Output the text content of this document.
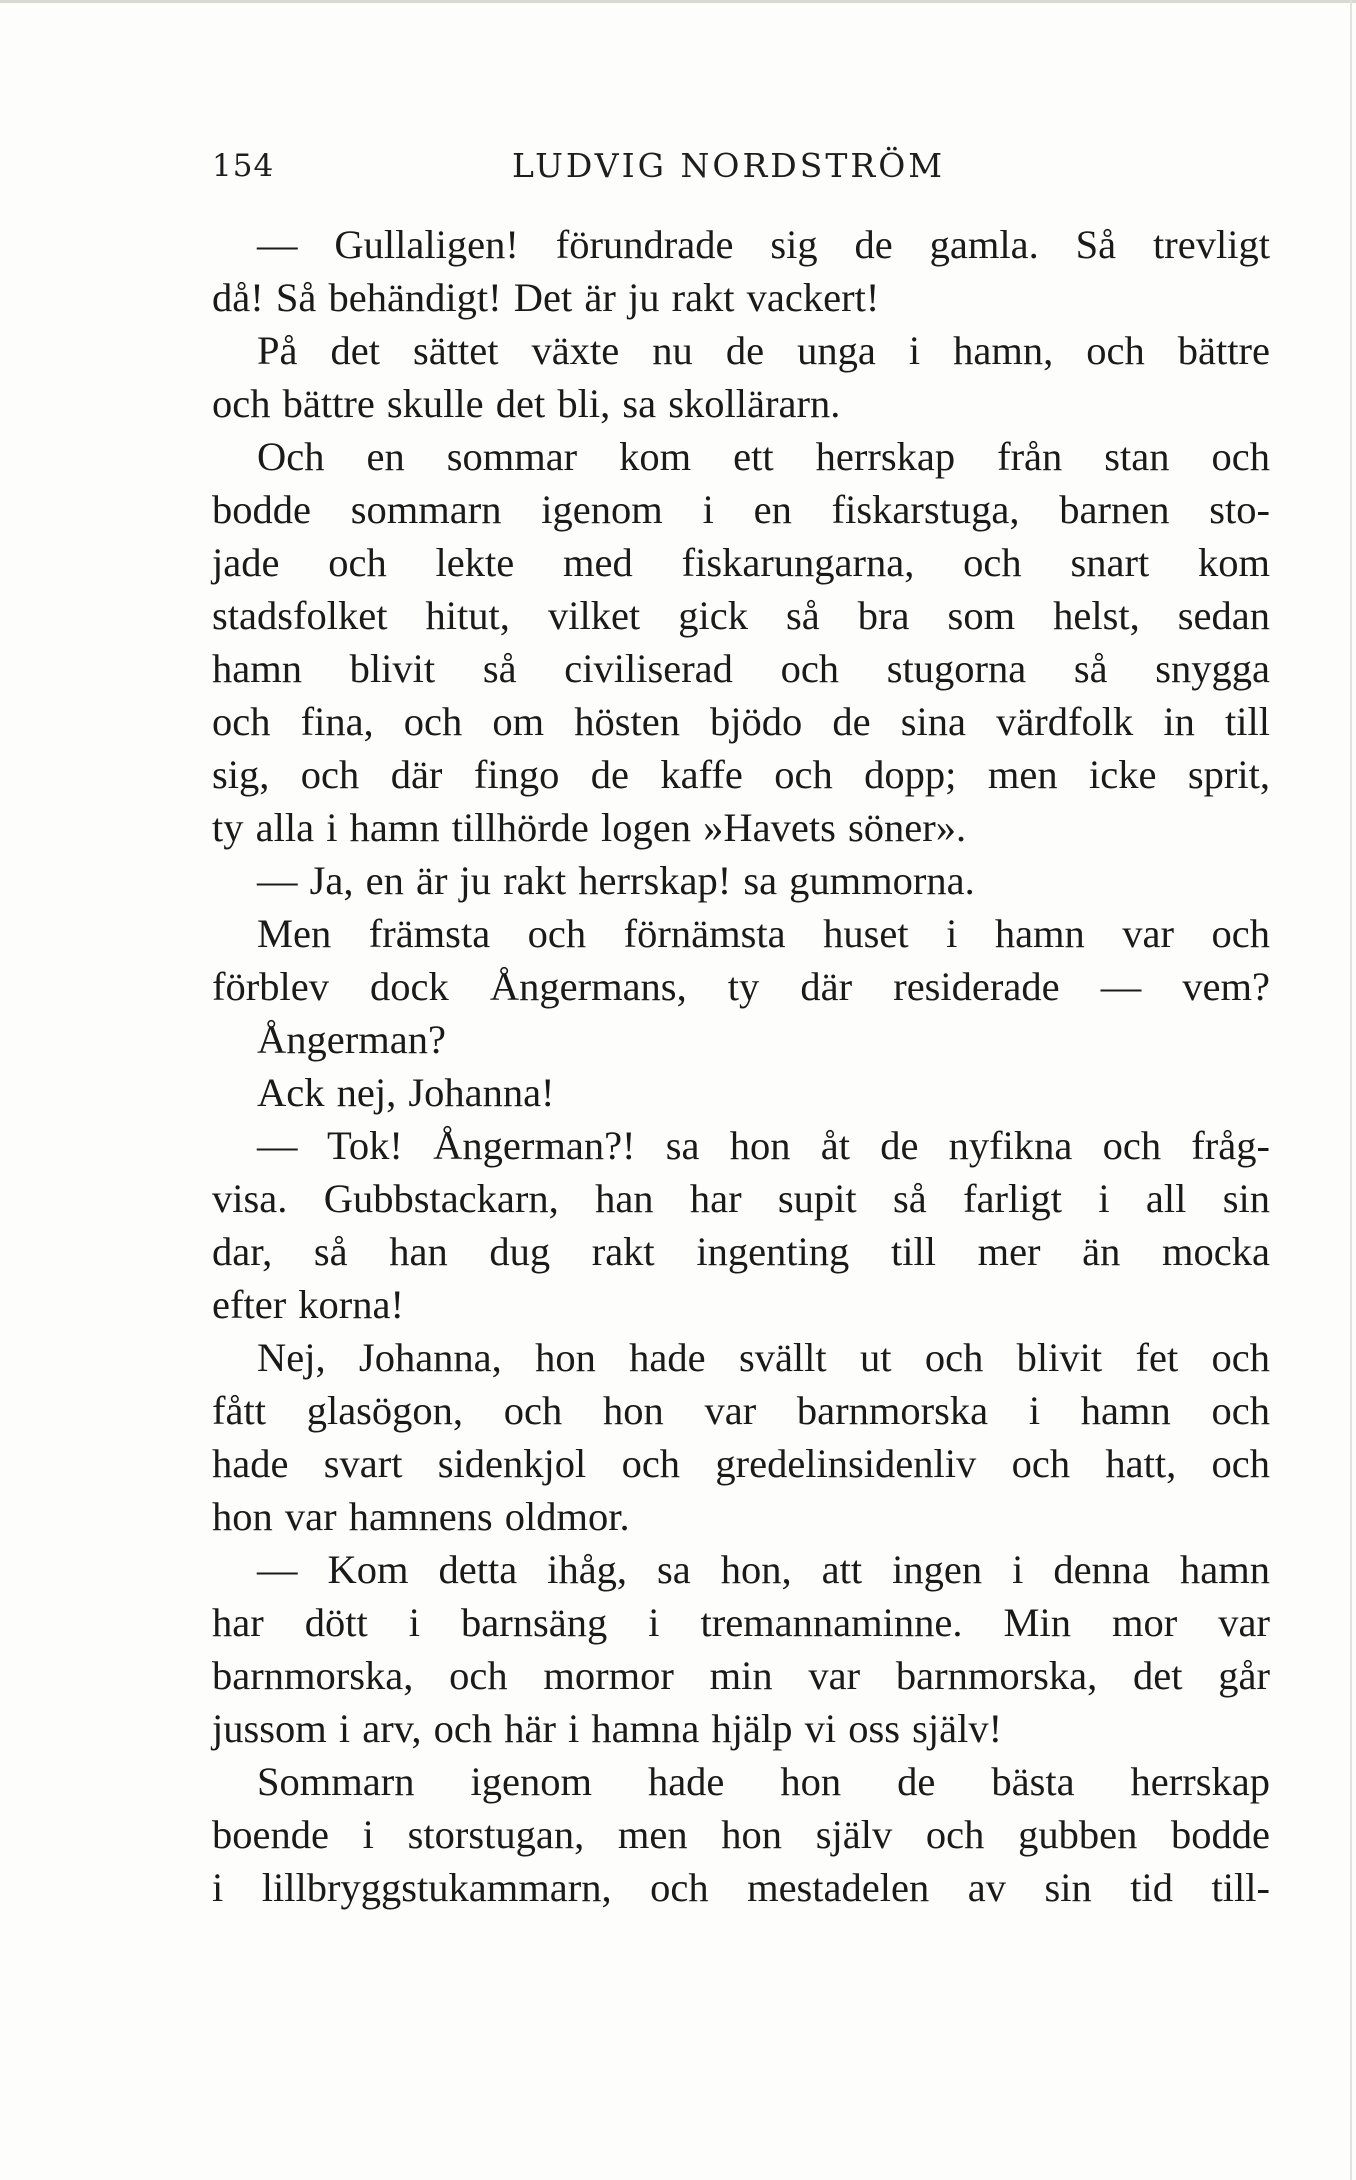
154	LUDVIG NORDSTRÖM
— Gullaligen! förundrade sig de gamla. Så trevligt
då! Så behändigt! Det är ju rakt vackert!
På det sättet växte nu de unga i hamn, och bättre
och bättre skulle det bli, sa skollärarn.
Och en sommar kom ett herrskap från stan och
bodde sommarn igenom i en fiskarstuga, barnen sto-
jade och lekte med fiskarungarna, och snart kom
stadsfolket hitut, vilket gick så bra som helst, sedan
hamn blivit så civiliserad och stugorna så snygga
och fina, och om hösten bjödo de sina värdfolk in till
sig, och där fingo de kaffe och dopp; men icke sprit,
ty alla i hamn tillhörde logen »Havets söner».
— Ja, en är ju rakt herrskap! sa gummorna.
Men främsta och förnämsta huset i hamn var och
förblev dock Ångermans, ty där residerade — vem?
Ångerman?
Ack nej, Johanna!
— Tok! Ångerman?! sa hon åt de nyfikna och fråg-
visa. Gubbstackarn, han har supit så farligt i all sin
dar, så han dug rakt ingenting till mer än mocka
efter korna!
Nej, Johanna, hon hade svällt ut och blivit fet och
fått glasögon, och hon var barnmorska i hamn och
hade svart sidenkjol och gredelinsidenliv och hatt, och
hon var hamnens oldmor.
— Kom detta ihåg, sa hon, att ingen i denna hamn
har dött i barnsäng i tremannaminne. Min mor var
barnmorska, och mormor min var barnmorska, det går
jussom i arv, och här i hamna hjälp vi oss själv!
Sommarn igenom hade hon de bästa herrskap
boende i storstugan, men hon själv och gubben bodde
i lillbryggstukammarn, och mestadelen av sin tid till-
